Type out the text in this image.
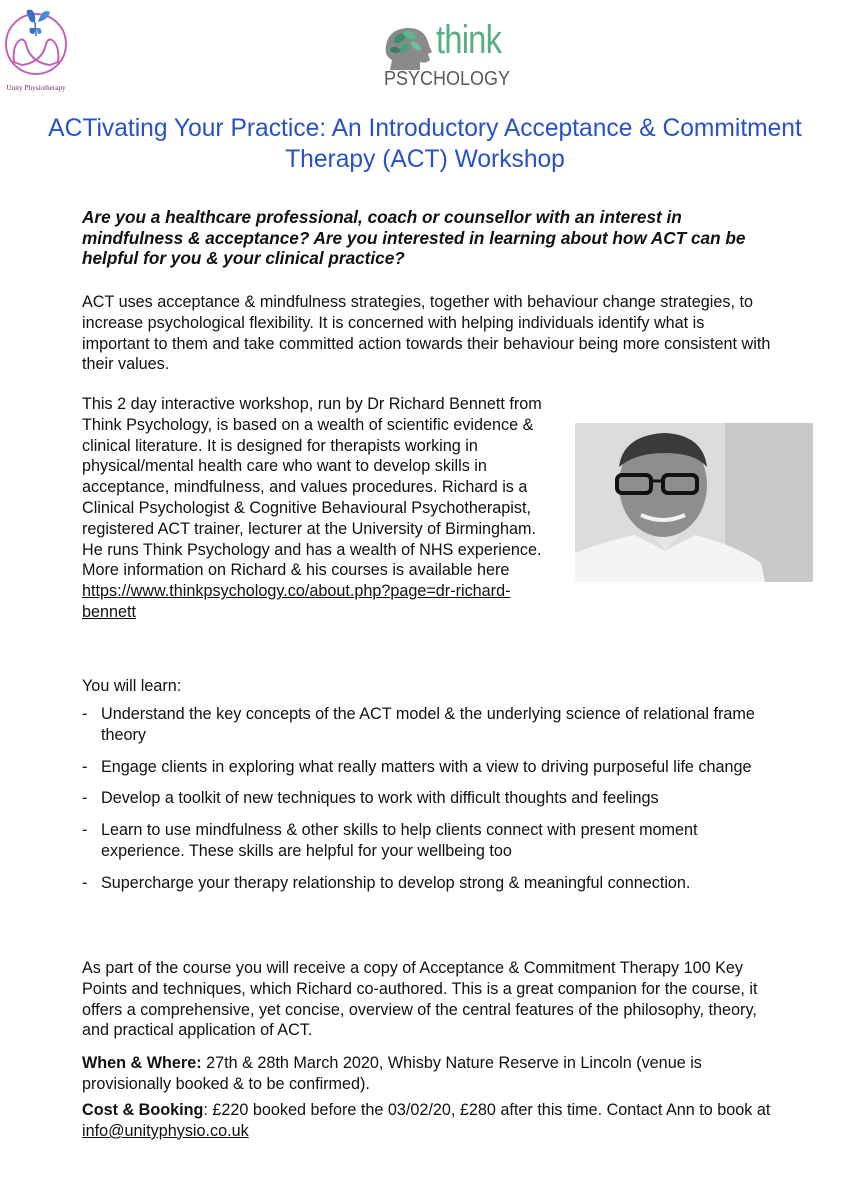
Unity Physiotherapy
think
PSYCHOLOGY
ACTivating Your Practice: An Introductory Acceptance & Commitment Therapy (ACT) Workshop
Are you a healthcare professional, coach or counsellor with an interest in mindfulness & acceptance? Are you interested in learning about how ACT can be helpful for you & your clinical practice?
ACT uses acceptance & mindfulness strategies, together with behaviour change strategies, to increase psychological flexibility. It is concerned with helping individuals identify what is important to them and take committed action towards their behaviour being more consistent with their values.
This 2 day interactive workshop, run by Dr Richard Bennett from Think Psychology, is based on a wealth of scientific evidence & clinical literature. It is designed for therapists working in physical/mental health care who want to develop skills in acceptance, mindfulness, and values procedures. Richard is a Clinical Psychologist & Cognitive Behavioural Psychotherapist, registered ACT trainer, lecturer at the University of Birmingham. He runs Think Psychology and has a wealth of NHS experience. More information on Richard & his courses is available here https://www.thinkpsychology.co/about.php?page=dr-richard-bennett
You will learn:
- Understand the key concepts of the ACT model & the underlying science of relational frame theory
- Engage clients in exploring what really matters with a view to driving purposeful life change
- Develop a toolkit of new techniques to work with difficult thoughts and feelings
- Learn to use mindfulness & other skills to help clients connect with present moment experience. These skills are helpful for your wellbeing too
- Supercharge your therapy relationship to develop strong & meaningful connection.
As part of the course you will receive a copy of Acceptance & Commitment Therapy 100 Key Points and techniques, which Richard co-authored. This is a great companion for the course, it offers a comprehensive, yet concise, overview of the central features of the philosophy, theory, and practical application of ACT.
When & Where: 27th & 28th March 2020, Whisby Nature Reserve in Lincoln (venue is provisionally booked & to be confirmed).
Cost & Booking: £220 booked before the 03/02/20, £280 after this time. Contact Ann to book at info@unityphysio.co.uk
